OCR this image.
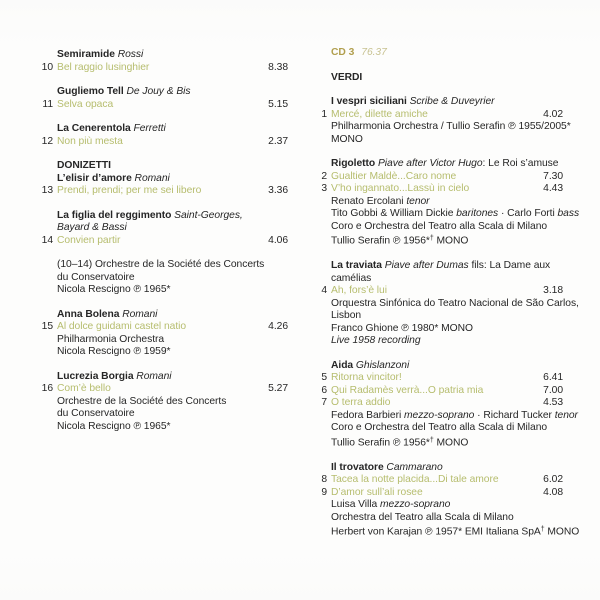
Semiramide Rossi
10 Bel raggio lusinghier	8.38
Gugliemo Tell De Jouy & Bis
11 Selva opaca	5.15
La Cenerentola Ferretti
12 Non più mesta	2.37
DONIZETTI
L’elisir d’amore Romani
13 Prendi, prendi; per me sei libero	3.36
La figlia del reggimento Saint-Georges,
Bayard & Bassi
14 Convien partir	4.06
(10–14) Orchestre de la Société des Concerts
du Conservatoire
Nicola Rescigno ℗ 1965*
Anna Bolena Romani
15 Al dolce guidami castel natio	4.26
Philharmonia Orchestra
Nicola Rescigno ℗ 1959*
Lucrezia Borgia Romani
16 Com’è bello	5.27
Orchestre de la Société des Concerts
du Conservatoire
Nicola Rescigno ℗ 1965*
CD 3 76.37
VERDI
I vespri siciliani Scribe & Duveyrier
1 Mercé, dilette amiche	4.02
Philharmonia Orchestra / Tullio Serafin ℗ 1955/2005*
MONO
Rigoletto Piave after Victor Hugo: Le Roi s’amuse
2 Gualtier Maldè...Caro nome	7.30
3 V’ho ingannato...Lassù in cielo	4.43
Renato Ercolani tenor
Tito Gobbi & William Dickie baritones · Carlo Forti bass
Coro e Orchestra del Teatro alla Scala di Milano
Tullio Serafin ℗ 1956*† MONO
La traviata Piave after Dumas fils: La Dame aux
camélias
4 Ah, fors’è lui	3.18
Orquestra Sinfónica do Teatro Nacional de São Carlos,
Lisbon
Franco Ghione ℗ 1980* MONO
Live 1958 recording
Aida Ghislanzoni
5 Ritorna vincitor!	6.41
6 Qui Radamès verrà...O patria mia	7.00
7 O terra addio	4.53
Fedora Barbieri mezzo-soprano · Richard Tucker tenor
Coro e Orchestra del Teatro alla Scala di Milano
Tullio Serafin ℗ 1956*† MONO
Il trovatore Cammarano
8 Tacea la notte placida...Di tale amore	6.02
9 D’amor sull’ali rosee	4.08
Luisa Villa mezzo-soprano
Orchestra del Teatro alla Scala di Milano
Herbert von Karajan ℗ 1957* EMI Italiana SpA† MONO
